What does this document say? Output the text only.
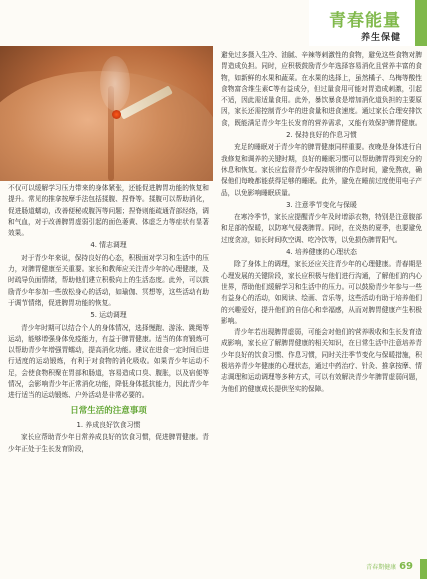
青春能量
养生保健

不仅可以缓解学习压力带来的身体紧张，还能促进脾胃功能的恢复和提升。常见的推拿按摩手法包括揉腹、捏脊等。揉腹可以帮助消化，促进肠道蠕动，改善便秘或腹泻等问题；捏脊则能疏通背部经络，调和气血，对于改善脾胃虚弱引起的面色萎黄、体虚乏力等症状有显著效果。

4. 情志调理

对于青少年来说，保持良好的心态，积极面对学习和生活中的压力，对脾胃健康至关重要。家长和教师应关注青少年的心理健康，及时疏导负面情绪，帮助他们建立积极向上的生活态度。此外，可以鼓励青少年参加一些放松身心的活动，如瑜伽、冥想等，这些活动有助于调节情绪，促进脾胃功能的恢复。

5. 运动调理

青少年时期可以结合个人的身体情况，选择慢跑、游泳、跳绳等运动，能够增强身体免疫能力，有益于脾胃健康。适当的体育锻炼可以帮助青少年增强胃蠕动，提高消化功能。建议在进食一定时间后进行适度的运动锻炼，有利于对食物的消化吸收。如果青少年运动不足，会使食物积聚在胃部和肠道，容易造成口臭、腹胀，以及宿便等情况，会影响青少年正常消化功能，降低身体抵抗能力，因此青少年进行适当的运动锻炼、户外活动是非常必要的。

日常生活的注意事项
1. 养成良好饮食习惯

家长应帮助青少年日常养成良好的饮食习惯，促进脾胃健康。青少年正处于生长发育阶段，

避免过多摄入生冷、油腻、辛辣等刺激性的食物，避免这些食物对脾胃造成负担。同时，应积极鼓励青少年选择容易消化且营养丰富的食物，如新鲜的水果和蔬菜。在水果的选择上，虽然橘子、乌梅等酸性食物富含维生素C等有益成分，但过量食用可能对胃造成刺激，引起不适，因此需适量食用。此外，暴饮暴食是增加消化道负担的主要原因，家长还需控制青少年的进食量和进食速度。通过家长合理安排饮食，既能满足青少年生长发育的营养需求，又能有效保护脾胃健康。

2. 保持良好的作息习惯

充足的睡眠对于青少年的脾胃健康同样重要。夜晚是身体进行自我修复和调养的关键时期，良好的睡眠习惯可以帮助脾胃得到充分的休息和恢复。家长应监督青少年保持规律的作息时间，避免熬夜，确保他们每晚都能获得足够的睡眠。此外，避免在睡前过度使用电子产品，以免影响睡眠质量。

3. 注意季节变化与保暖

在寒冷季节，家长应提醒青少年及时增添衣物，特别是注意腹部和足部的保暖，以防寒气侵袭脾胃。同时，在炎热的夏季，也要避免过度贪凉，如长时间吹空调、吃冷饮等，以免损伤脾胃阳气。

4. 培养健康的心理状态

除了身体上的调理，家长还应关注青少年的心理健康。青春期是心理发展的关键阶段，家长应积极与他们进行沟通，了解他们的内心世界，帮助他们缓解学习和生活中的压力。可以鼓励青少年参与一些有益身心的活动，如阅读、绘画、音乐等，这些活动有助于培养他们的兴趣爱好，提升他们的自信心和幸福感，从而对脾胃健康产生积极影响。

青少年若出现脾胃虚弱，可能会对他们的营养吸收和生长发育造成影响，家长应了解脾胃健康的相关知识，在日常生活中注意培养青少年良好的饮食习惯、作息习惯，同时关注季节变化与保暖措施，积极培养青少年健康的心理状态，通过中药治疗、针灸、推拿按摩、情志调理和运动调理等多种方式，可以有效解决青少年脾胃虚弱问题，为他们的健康成长提供坚实的保障。

青春期健康 69
